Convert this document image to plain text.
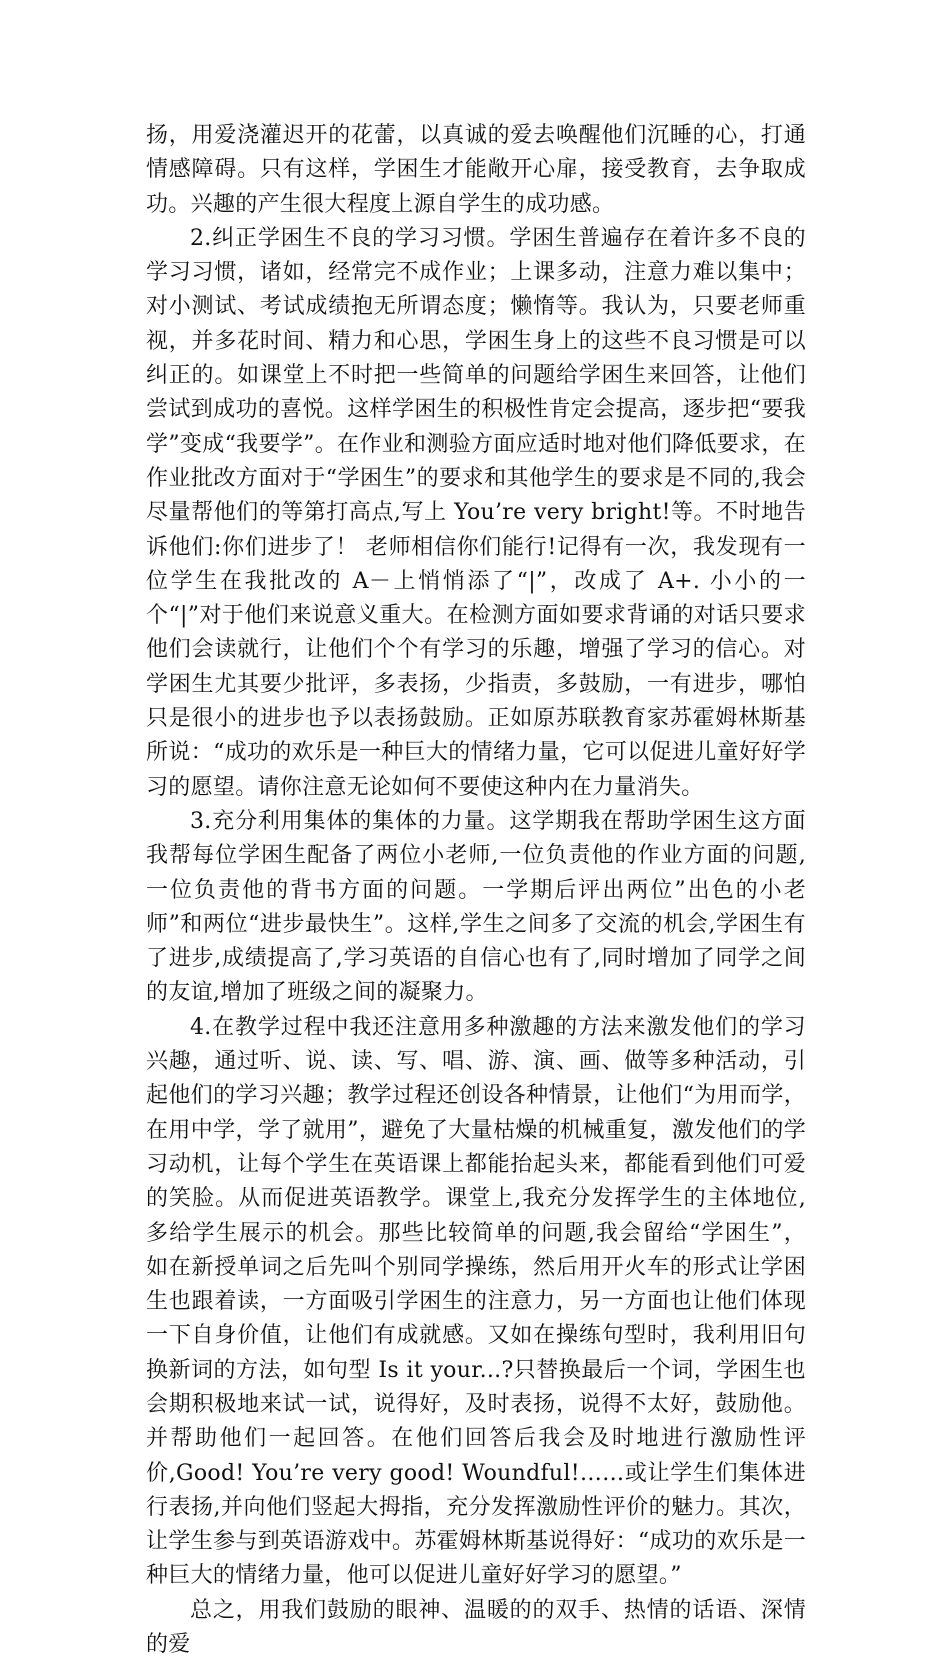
扬，用爱浇灌迟开的花蕾，以真诚的爱去唤醒他们沉睡的心，打通情感障碍。只有这样，学困生才能敞开心扉，接受教育，去争取成功。兴趣的产生很大程度上源自学生的成功感。

2.纠正学困生不良的学习习惯。学困生普遍存在着许多不良的学习习惯，诸如，经常完不成作业；上课多动，注意力难以集中；对小测试、考试成绩抱无所谓态度；懒惰等。我认为，只要老师重视，并多花时间、精力和心思，学困生身上的这些不良习惯是可以纠正的。如课堂上不时把一些简单的问题给学困生来回答，让他们尝试到成功的喜悦。这样学困生的积极性肯定会提高，逐步把“要我学”变成“我要学”。在作业和测验方面应适时地对他们降低要求，在作业批改方面对于“学困生”的要求和其他学生的要求是不同的,我会尽量帮他们的等第打高点,写上 You’re very bright!等。不时地告诉他们:你们进步了！ 老师相信你们能行!记得有一次，我发现有一位学生在我批改的 A－上悄悄添了“|”，改成了 A+. 小小的一个“|”对于他们来说意义重大。在检测方面如要求背诵的对话只要求他们会读就行，让他们个个有学习的乐趣，增强了学习的信心。对学困生尤其要少批评，多表扬，少指责，多鼓励，一有进步，哪怕只是很小的进步也予以表扬鼓励。正如原苏联教育家苏霍姆林斯基所说：“成功的欢乐是一种巨大的情绪力量，它可以促进儿童好好学习的愿望。请你注意无论如何不要使这种内在力量消失。

3.充分利用集体的集体的力量。这学期我在帮助学困生这方面我帮每位学困生配备了两位小老师,一位负责他的作业方面的问题,一位负责他的背书方面的问题。一学期后评出两位”出色的小老师”和两位“进步最快生”。这样,学生之间多了交流的机会,学困生有了进步,成绩提高了,学习英语的自信心也有了,同时增加了同学之间的友谊,增加了班级之间的凝聚力。

4.在教学过程中我还注意用多种激趣的方法来激发他们的学习兴趣，通过听、说、读、写、唱、游、演、画、做等多种活动，引起他们的学习兴趣；教学过程还创设各种情景，让他们“为用而学，在用中学，学了就用”，避免了大量枯燥的机械重复，激发他们的学习动机，让每个学生在英语课上都能抬起头来，都能看到他们可爱的笑脸。从而促进英语教学。课堂上,我充分发挥学生的主体地位,多给学生展示的机会。那些比较简单的问题,我会留给“学困生”， 如在新授单词之后先叫个别同学操练，然后用开火车的形式让学困生也跟着读，一方面吸引学困生的注意力，另一方面也让他们体现一下自身价值，让他们有成就感。又如在操练句型时，我利用旧句换新词的方法，如句型 Is it your...?只替换最后一个词，学困生也会期积极地来试一试，说得好，及时表扬，说得不太好，鼓励他。并帮助他们一起回答。在他们回答后我会及时地进行激励性评价,Good! You’re very good! Woundful!……或让学生们集体进行表扬,并向他们竖起大拇指，充分发挥激励性评价的魅力。其次，让学生参与到英语游戏中。苏霍姆林斯基说得好：“成功的欢乐是一种巨大的情绪力量，他可以促进儿童好好学习的愿望。”

总之，用我们鼓励的眼神、温暖的的双手、热情的话语、深情的爱
